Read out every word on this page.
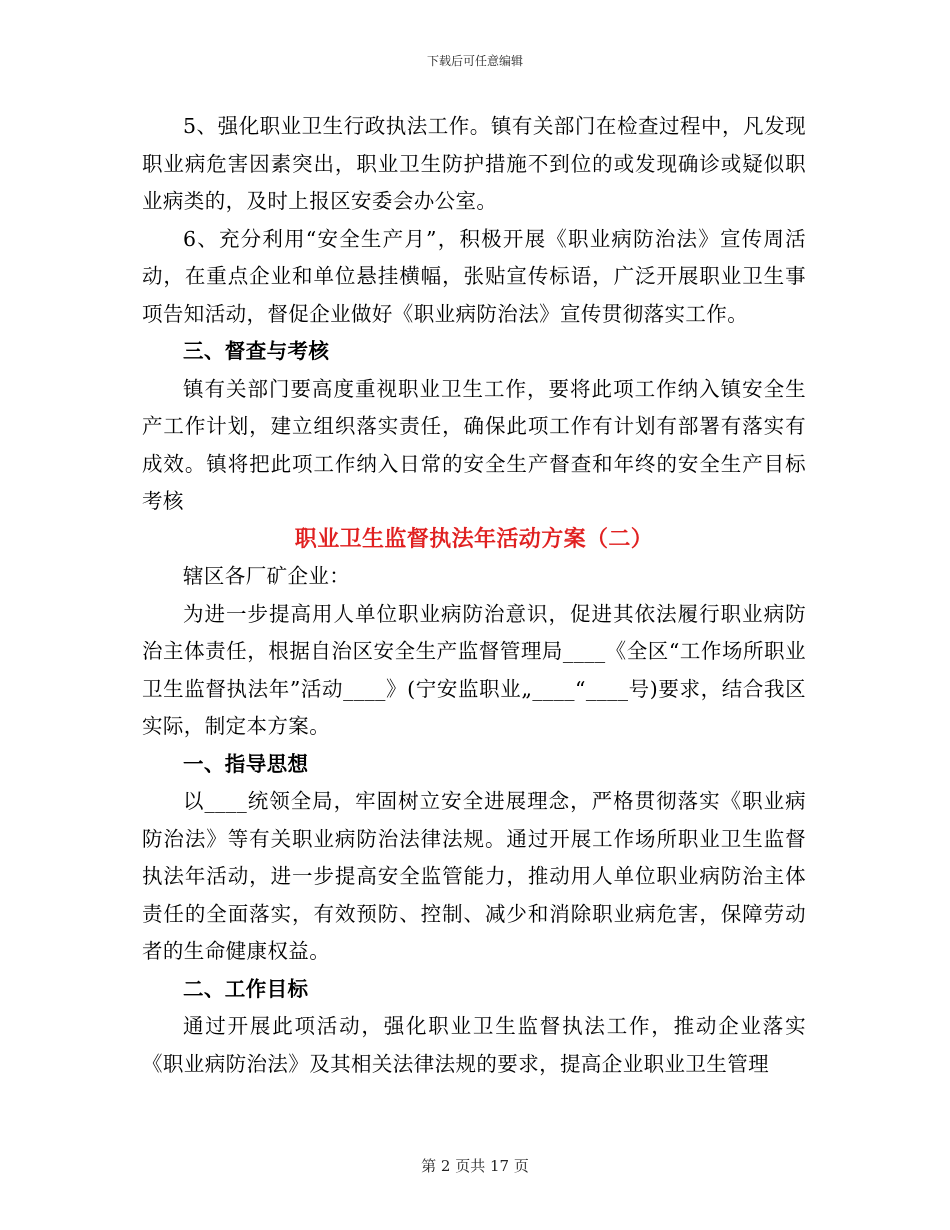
下载后可任意编辑

5、强化职业卫生行政执法工作。镇有关部门在检查过程中，凡发现职业病危害因素突出，职业卫生防护措施不到位的或发现确诊或疑似职业病类的，及时上报区安委会办公室。

6、充分利用“安全生产月”，积极开展《职业病防治法》宣传周活动，在重点企业和单位悬挂横幅，张贴宣传标语，广泛开展职业卫生事项告知活动，督促企业做好《职业病防治法》宣传贯彻落实工作。

三、督查与考核

镇有关部门要高度重视职业卫生工作，要将此项工作纳入镇安全生产工作计划，建立组织落实责任，确保此项工作有计划有部署有落实有成效。镇将把此项工作纳入日常的安全生产督查和年终的安全生产目标考核

职业卫生监督执法年活动方案（二）

辖区各厂矿企业：

为进一步提高用人单位职业病防治意识，促进其依法履行职业病防治主体责任，根据自治区安全生产监督管理局____《全区“工作场所职业卫生监督执法年”活动____》(宁安监职业„____“____号)要求，结合我区实际，制定本方案。

一、指导思想

以____统领全局，牢固树立安全进展理念，严格贯彻落实《职业病防治法》等有关职业病防治法律法规。通过开展工作场所职业卫生监督执法年活动，进一步提高安全监管能力，推动用人单位职业病防治主体责任的全面落实，有效预防、控制、减少和消除职业病危害，保障劳动者的生命健康权益。

二、工作目标

通过开展此项活动，强化职业卫生监督执法工作，推动企业落实《职业病防治法》及其相关法律法规的要求，提高企业职业卫生管理

第 2 页共 17 页
